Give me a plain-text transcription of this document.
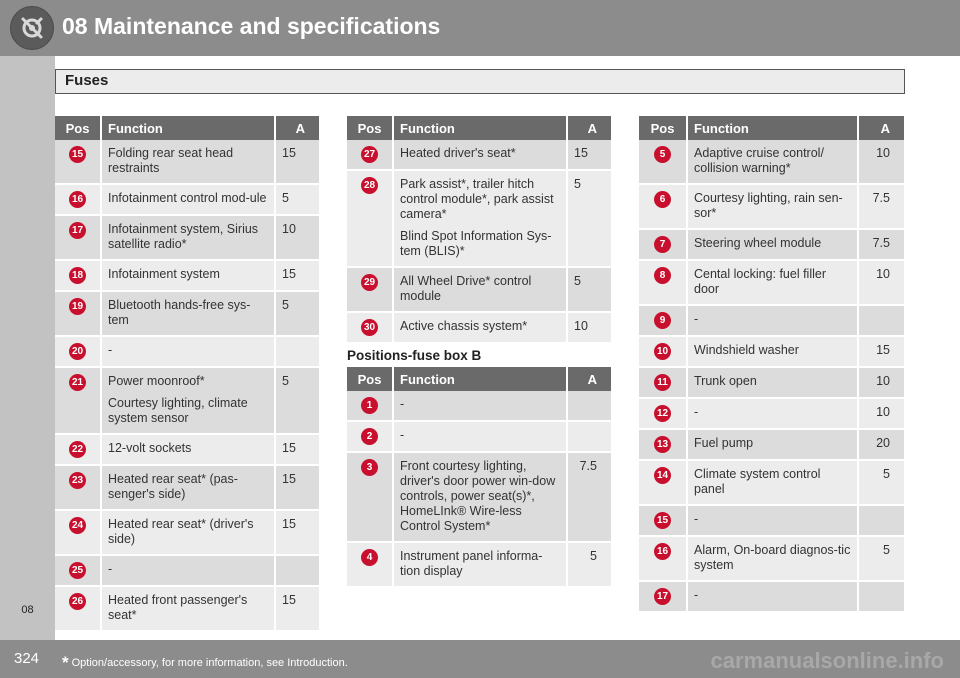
08 Maintenance and specifications
08
Fuses
Pos	Function	A
15	Folding rear seat head restraints	15
16	Infotainment control mod-ule	5
17	Infotainment system, Sirius satellite radio*	10
18	Infotainment system	15
19	Bluetooth hands-free sys-tem	5
20	-	

21	Power moonroof*
Courtesy lighting, climate system sensor	5
22	12-volt sockets	15
23	Heated rear seat* (pas-senger's side)	15
24	Heated rear seat* (driver's side)	15
25	-	

26	Heated front passenger's seat*	15
Pos	Function	A
27	Heated driver's seat*	15
28	Park assist*, trailer hitch control module*, park assist camera*
Blind Spot Information Sys-tem (BLIS)*	5
29	All Wheel Drive* control module	5
30	Active chassis system*	10
Positions-fuse box B
Pos	Function	A
1	-	

2	-	

3	Front courtesy lighting, driver's door power win-dow controls, power seat(s)*, HomeLInk® Wire-less Control System*	7.5
4	Instrument panel informa-tion display	5
Pos	Function	A
5	Adaptive cruise control/ collision warning*	10
6	Courtesy lighting, rain sen-sor*	7.5
7	Steering wheel module	7.5
8	Cental locking: fuel filler door	10
9	-	

10	Windshield washer	15
11	Trunk open	10
12	-	10
13	Fuel pump	20
14	Climate system control panel	5
15	-	

16	Alarm, On-board diagnos-tic system	5
17	-	

324 * Option/accessory, for more information, see Introduction.	carmanualsonline.info
